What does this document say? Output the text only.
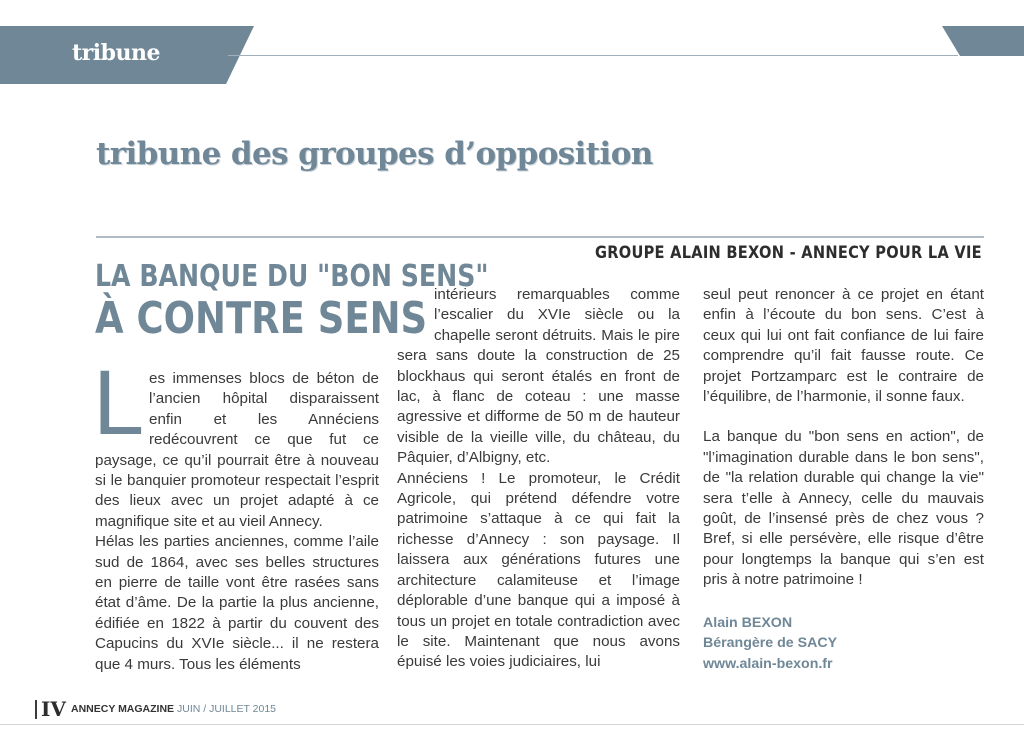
tribune
tribune des groupes d’opposition
GROUPE ALAIN BEXON - ANNECY POUR LA VIE
LA BANQUE DU "BON SENS"
À CONTRE SENS
L es immenses blocs de béton de l’ancien hôpital disparaissent enfin et les Annéciens redécouvrent ce que fut ce paysage, ce qu’il pourrait être à nouveau si le banquier promoteur respectait l’esprit des lieux avec un projet adapté à ce magnifique site et au vieil Annecy.

Hélas les parties anciennes, comme l’aile sud de 1864, avec ses belles structures en pierre de taille vont être rasées sans état d’âme. De la partie la plus ancienne, édifiée en 1822 à partir du couvent des Capucins du XVIe siècle... il ne restera que 4 murs. Tous les éléments

intérieurs remarquables comme l’escalier du XVIe siècle ou la chapelle seront détruits. Mais le pire sera sans doute la construction de 25 blockhaus qui seront étalés en front de lac, à flanc de coteau : une masse agressive et difforme de 50 m de hauteur visible de la vieille ville, du château, du Pâquier, d’Albigny, etc.

Annéciens ! Le promoteur, le Crédit Agricole, qui prétend défendre votre patrimoine s’attaque à ce qui fait la richesse d’Annecy : son paysage. Il laissera aux générations futures une architecture calamiteuse et l’image déplorable d’une banque qui a imposé à tous un projet en totale contradiction avec le site. Maintenant que nous avons épuisé les voies judiciaires, lui

seul peut renoncer à ce projet en étant enfin à l’écoute du bon sens. C’est à ceux qui lui ont fait confiance de lui faire comprendre qu’il fait fausse route. Ce projet Portzamparc est le contraire de l’équilibre, de l’harmonie, il sonne faux.

La banque du "bon sens en action", de "l’imagination durable dans le bon sens", de "la relation durable qui change la vie" sera t’elle à Annecy, celle du mauvais goût, de l’insensé près de chez vous ? Bref, si elle persévère, elle risque d’être pour longtemps la banque qui s’en est pris à notre patrimoine !

Alain BEXON
Bérangère de SACY
www.alain-bexon.fr
IV ANNECY MAGAZINE JUIN / JUILLET 2015
